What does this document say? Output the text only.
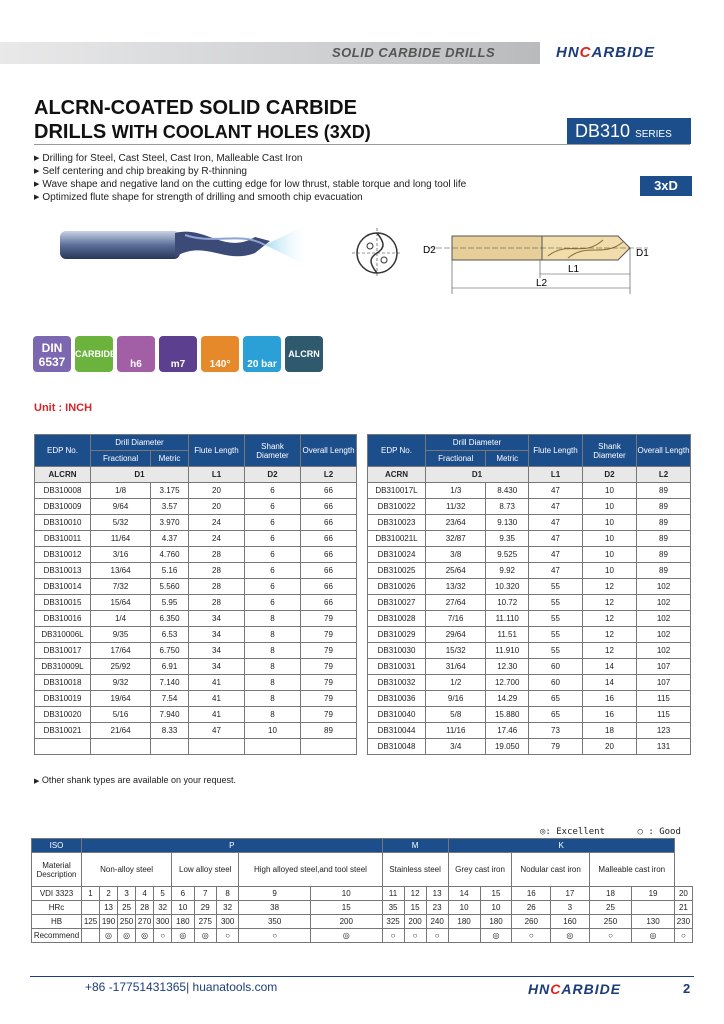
SOLID CARBIDE DRILLS	HNCARBIDE
ALCRN-COATED SOLID CARBIDE
DRILLS WITH COOLANT HOLES (3XD)	DB310 SERIES
▶ Drilling for Steel, Cast Steel, Cast Iron, Malleable Cast Iron
▶ Self centering and chip breaking by R-thinning
▶ Wave shape and negative land on the cutting edge for low thrust, stable torque and long tool life
▶ Optimized flute shape for strength of drilling and smooth chip evacuation
3xD
D2	D1
L1
L2
DIN
6537
CARBIDE
h6	m7	140°	20 bar
ALCRN
Unit : INCH
EDP No.	Drill Diameter		Flute Length	Shank Diameter	Overall Length
	Fractional	Metric			
ALCRN	D1		L1	D2	L2
DB310008	1/8	3.175	20	6	66
DB310009	9/64	3.57	20	6	66
DB310010	5/32	3.970	24	6	66
DB310011	11/64	4.37	24	6	66
DB310012	3/16	4.760	28	6	66
DB310013	13/64	5.16	28	6	66
DB310014	7/32	5.560	28	6	66
DB310015	15/64	5.95	28	6	66
DB310016	1/4	6.350	34	8	79
DB310006L	9/35	6.53	34	8	79
DB310017	17/64	6.750	34	8	79
DB310009L	25/92	6.91	34	8	79
DB310018	9/32	7.140	41	8	79
DB310019	19/64	7.54	41	8	79
DB310020	5/16	7.940	41	8	79
DB310021	21/64	8.33	47	10	89

EDP No.	Drill Diameter		Flute Length	Shank Diameter	Overall Length
	Fractional	Metric			
ACRN	D1		L1	D2	L2
DB310017L	1/3	8.430	47	10	89
DB310022	11/32	8.73	47	10	89
DB310023	23/64	9.130	47	10	89
DB310021L	32/87	9.35	47	10	89
DB310024	3/8	9.525	47	10	89
DB310025	25/64	9.92	47	10	89
DB310026	13/32	10.320	55	12	102
DB310027	27/64	10.72	55	12	102
DB310028	7/16	11.110	55	12	102
DB310029	29/64	11.51	55	12	102
DB310030	15/32	11.910	55	12	102
DB310031	31/64	12.30	60	14	107
DB310032	1/2	12.700	60	14	107
DB310036	9/16	14.29	65	16	115
DB310040	5/8	15.880	65	16	115
DB310044	11/16	17.46	73	18	123
DB310048	3/4	19.050	79	20	131
▶ Other shank types are available on your request.
◎: Excellent	○ : Good
ISO	P										M			K						
Material Description	Non-alloy steel					Low alloy steel			High alloyed steel,and tool steel		Stainless steel			Grey cast iron		Nodular cast iron		Malleable cast iron		
VDI 3323	1	2	3	4	5	6	7	8	9	10	11	12	13	14	15	16	17	18	19	20
HRc		13	25	28	32	10	29	32	38	15	35	15	23	10	10	26	3	25		21
HB	125	190	250	270	300	180	275	300	350	200	325	200	240	180	180	260	160	250	130	230
Recommend		◎	◎	◎	○	◎	◎	○	○	◎	○	○	○		◎	○	◎	○	◎	○
+86 -17751431365| huanatools.com	HNCARBIDE	2
